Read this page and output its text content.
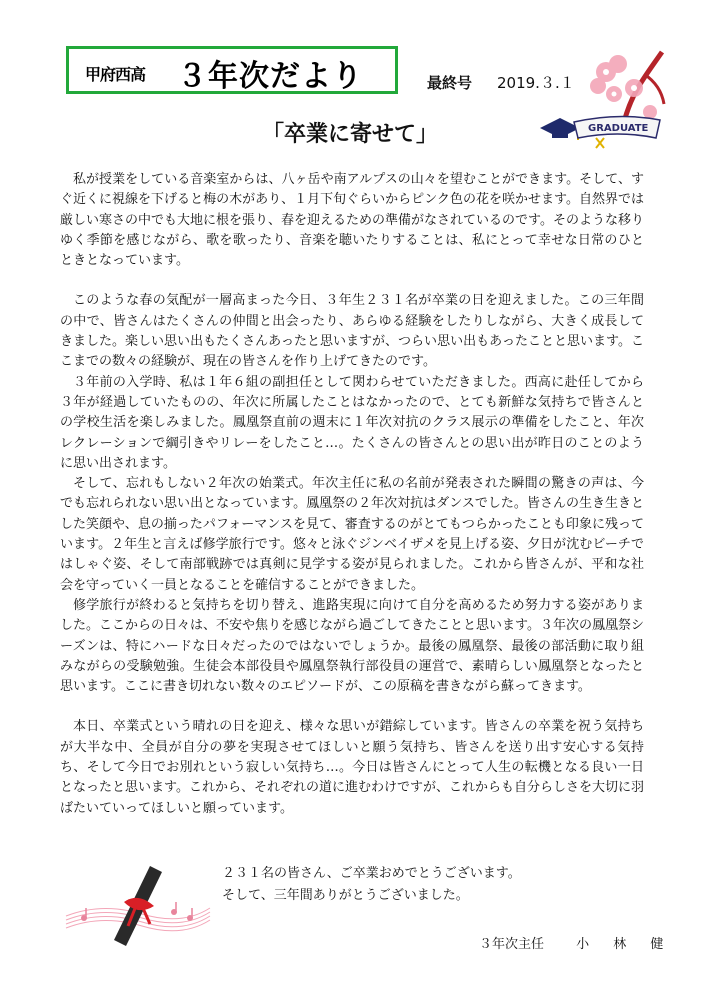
甲府西高 ３年次だより	最終号 2019.３.１
GRADUATE
「卒業に寄せて」

私が授業をしている音楽室からは、八ヶ岳や南アルプスの山々を望むことができます。そして、すぐ近くに視線を下げると梅の木があり、１月下旬ぐらいからピンク色の花を咲かせます。自然界では厳しい寒さの中でも大地に根を張り、春を迎えるための準備がなされているのです。そのような移りゆく季節を感じながら、歌を歌ったり、音楽を聴いたりすることは、私にとって幸せな日常のひとときとなっています。

このような春の気配が一層高まった今日、３年生２３１名が卒業の日を迎えました。この三年間の中で、皆さんはたくさんの仲間と出会ったり、あらゆる経験をしたりしながら、大きく成長してきました。楽しい思い出もたくさんあったと思いますが、つらい思い出もあったことと思います。ここまでの数々の経験が、現在の皆さんを作り上げてきたのです。

３年前の入学時、私は１年６組の副担任として関わらせていただきました。西高に赴任してから３年が経過していたものの、年次に所属したことはなかったので、とても新鮮な気持ちで皆さんとの学校生活を楽しみました。鳳凰祭直前の週末に１年次対抗のクラス展示の準備をしたこと、年次レクレーションで綱引きやリレーをしたこと…。たくさんの皆さんとの思い出が昨日のことのように思い出されます。

そして、忘れもしない２年次の始業式。年次主任に私の名前が発表された瞬間の驚きの声は、今でも忘れられない思い出となっています。鳳凰祭の２年次対抗はダンスでした。皆さんの生き生きとした笑顔や、息の揃ったパフォーマンスを見て、審査するのがとてもつらかったことも印象に残っています。２年生と言えば修学旅行です。悠々と泳ぐジンベイザメを見上げる姿、夕日が沈むビーチではしゃぐ姿、そして南部戦跡では真剣に見学する姿が見られました。これから皆さんが、平和な社会を守っていく一員となることを確信することができました。

修学旅行が終わると気持ちを切り替え、進路実現に向けて自分を高めるため努力する姿がありました。ここからの日々は、不安や焦りを感じながら過ごしてきたことと思います。３年次の鳳凰祭シーズンは、特にハードな日々だったのではないでしょうか。最後の鳳凰祭、最後の部活動に取り組みながらの受験勉強。生徒会本部役員や鳳凰祭執行部役員の運営で、素晴らしい鳳凰祭となったと思います。ここに書き切れない数々のエピソードが、この原稿を書きながら蘇ってきます。

本日、卒業式という晴れの日を迎え、様々な思いが錯綜しています。皆さんの卒業を祝う気持ちが大半な中、全員が自分の夢を実現させてほしいと願う気持ち、皆さんを送り出す安心する気持ち、そして今日でお別れという寂しい気持ち…。今日は皆さんにとって人生の転機となる良い一日となったと思います。これから、それぞれの道に進むわけですが、これからも自分らしさを大切に羽ばたいていってほしいと願っています。

２３１名の皆さん、ご卒業おめでとうございます。
そして、三年間ありがとうございました。
３年次主任 小 林 健
